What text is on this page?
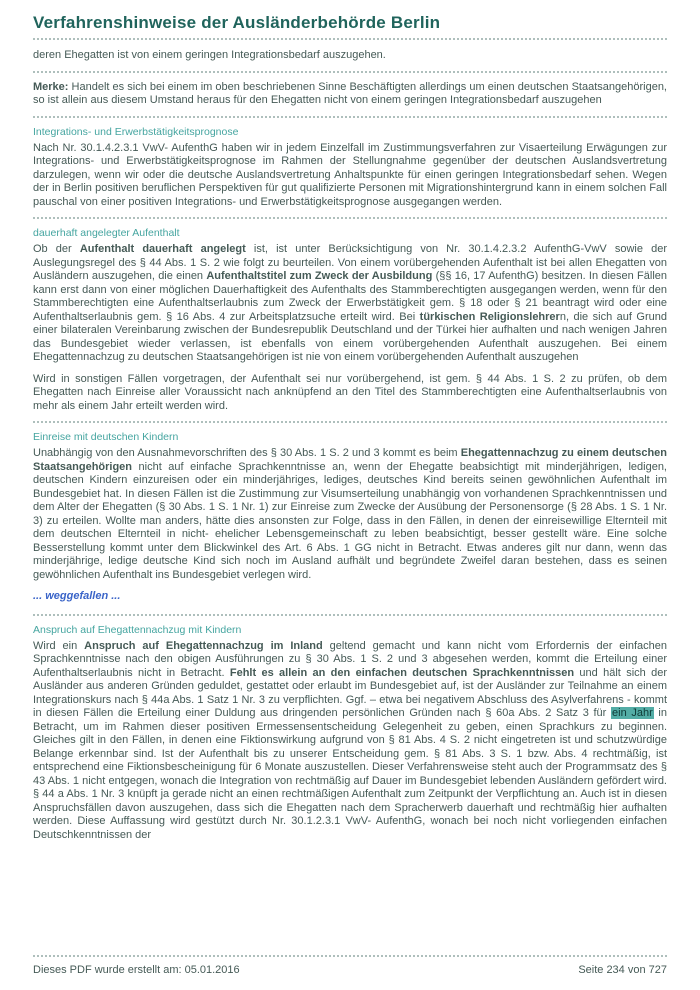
Verfahrenshinweise der Ausländerbehörde Berlin

deren Ehegatten ist von einem geringen Integrationsbedarf auszugehen.

Merke: Handelt es sich bei einem im oben beschriebenen Sinne Beschäftigten allerdings um einen deutschen Staatsangehörigen, so ist allein aus diesem Umstand heraus für den Ehegatten nicht von einem geringen Integrationsbedarf auszugehen

Integrations- und Erwerbstätigkeitsprognose

Nach Nr. 30.1.4.2.3.1 VwV- AufenthG haben wir in jedem Einzelfall im Zustimmungsverfahren zur Visaerteilung Erwägungen zur Integrations- und Erwerbstätigkeitsprognose im Rahmen der Stellungnahme gegenüber der deutschen Auslandsvertretung darzulegen, wenn wir oder die deutsche Auslandsvertretung Anhaltspunkte für einen geringen Integrationsbedarf sehen. Wegen der in Berlin positiven beruflichen Perspektiven für gut qualifizierte Personen mit Migrationshintergrund kann in einem solchen Fall pauschal von einer positiven Integrations- und Erwerbstätigkeitsprognose ausgegangen werden.

dauerhaft angelegter Aufenthalt

Ob der Aufenthalt dauerhaft angelegt ist, ist unter Berücksichtigung von Nr. 30.1.4.2.3.2 AufenthG-VwV sowie der Auslegungsregel des § 44 Abs. 1 S. 2 wie folgt zu beurteilen. Von einem vorübergehenden Aufenthalt ist bei allen Ehegatten von Ausländern auszugehen, die einen Aufenthaltstitel zum Zweck der Ausbildung (§§ 16, 17 AufenthG) besitzen. In diesen Fällen kann erst dann von einer möglichen Dauerhaftigkeit des Aufenthalts des Stammberechtigten ausgegangen werden, wenn für den Stammberechtigten eine Aufenthaltserlaubnis zum Zweck der Erwerbstätigkeit gem. § 18 oder § 21 beantragt wird oder eine Aufenthaltserlaubnis gem. § 16 Abs. 4 zur Arbeitsplatzsuche erteilt wird. Bei türkischen Religionslehrern, die sich auf Grund einer bilateralen Vereinbarung zwischen der Bundesrepublik Deutschland und der Türkei hier aufhalten und nach wenigen Jahren das Bundesgebiet wieder verlassen, ist ebenfalls von einem vorübergehenden Aufenthalt auszugehen. Bei einem Ehegattennachzug zu deutschen Staatsangehörigen ist nie von einem vorübergehenden Aufenthalt auszugehen

Wird in sonstigen Fällen vorgetragen, der Aufenthalt sei nur vorübergehend, ist gem. § 44 Abs. 1 S. 2 zu prüfen, ob dem Ehegatten nach Einreise aller Voraussicht nach anknüpfend an den Titel des Stammberechtigten eine Aufenthaltserlaubnis von mehr als einem Jahr erteilt werden wird.

Einreise mit deutschen Kindern

Unabhängig von den Ausnahmevorschriften des § 30 Abs. 1 S. 2 und 3 kommt es beim Ehegattennachzug zu einem deutschen Staatsangehörigen nicht auf einfache Sprachkenntnisse an, wenn der Ehegatte beabsichtigt mit minderjährigen, ledigen, deutschen Kindern einzureisen oder ein minderjähriges, lediges, deutsches Kind bereits seinen gewöhnlichen Aufenthalt im Bundesgebiet hat. In diesen Fällen ist die Zustimmung zur Visumserteilung unabhängig von vorhandenen Sprachkenntnissen und dem Alter der Ehegatten (§ 30 Abs. 1 S. 1 Nr. 1) zur Einreise zum Zwecke der Ausübung der Personensorge (§ 28 Abs. 1 S. 1 Nr. 3) zu erteilen. Wollte man anders, hätte dies ansonsten zur Folge, dass in den Fällen, in denen der einreisewillige Elternteil mit dem deutschen Elternteil in nicht- ehelicher Lebensgemeinschaft zu leben beabsichtigt, besser gestellt wäre. Eine solche Besserstellung kommt unter dem Blickwinkel des Art. 6 Abs. 1 GG nicht in Betracht. Etwas anderes gilt nur dann, wenn das minderjährige, ledige deutsche Kind sich noch im Ausland aufhält und begründete Zweifel daran bestehen, dass es seinen gewöhnlichen Aufenthalt ins Bundesgebiet verlegen wird.

... weggefallen ...

Anspruch auf Ehegattennachzug mit Kindern

Wird ein Anspruch auf Ehegattennachzug im Inland geltend gemacht und kann nicht vom Erfordernis der einfachen Sprachkenntnisse nach den obigen Ausführungen zu § 30 Abs. 1 S. 2 und 3 abgesehen werden, kommt die Erteilung einer Aufenthaltserlaubnis nicht in Betracht. Fehlt es allein an den einfachen deutschen Sprachkenntnissen und hält sich der Ausländer aus anderen Gründen geduldet, gestattet oder erlaubt im Bundesgebiet auf, ist der Ausländer zur Teilnahme an einem Integrationskurs nach § 44a Abs. 1 Satz 1 Nr. 3 zu verpflichten. Ggf. – etwa bei negativem Abschluss des Asylverfahrens - kommt in diesen Fällen die Erteilung einer Duldung aus dringenden persönlichen Gründen nach § 60a Abs. 2 Satz 3 für ein Jahr in Betracht, um im Rahmen dieser positiven Ermessensentscheidung Gelegenheit zu geben, einen Sprachkurs zu beginnen. Gleiches gilt in den Fällen, in denen eine Fiktionswirkung aufgrund von § 81 Abs. 4 S. 2 nicht eingetreten ist und schutzwürdige Belange erkennbar sind. Ist der Aufenthalt bis zu unserer Entscheidung gem. § 81 Abs. 3 S. 1 bzw. Abs. 4 rechtmäßig, ist entsprechend eine Fiktionsbescheinigung für 6 Monate auszustellen. Dieser Verfahrensweise steht auch der Programmsatz des § 43 Abs. 1 nicht entgegen, wonach die Integration von rechtmäßig auf Dauer im Bundesgebiet lebenden Ausländern gefördert wird. § 44 a Abs. 1 Nr. 3 knüpft ja gerade nicht an einen rechtmäßigen Aufenthalt zum Zeitpunkt der Verpflichtung an. Auch ist in diesen Anspruchsfällen davon auszugehen, dass sich die Ehegatten nach dem Spracherwerb dauerhaft und rechtmäßig hier aufhalten werden. Diese Auffassung wird gestützt durch Nr. 30.1.2.3.1 VwV- AufenthG, wonach bei noch nicht vorliegenden einfachen Deutschkenntnissen der

Dieses PDF wurde erstellt am: 05.01.2016	Seite 234 von 727
